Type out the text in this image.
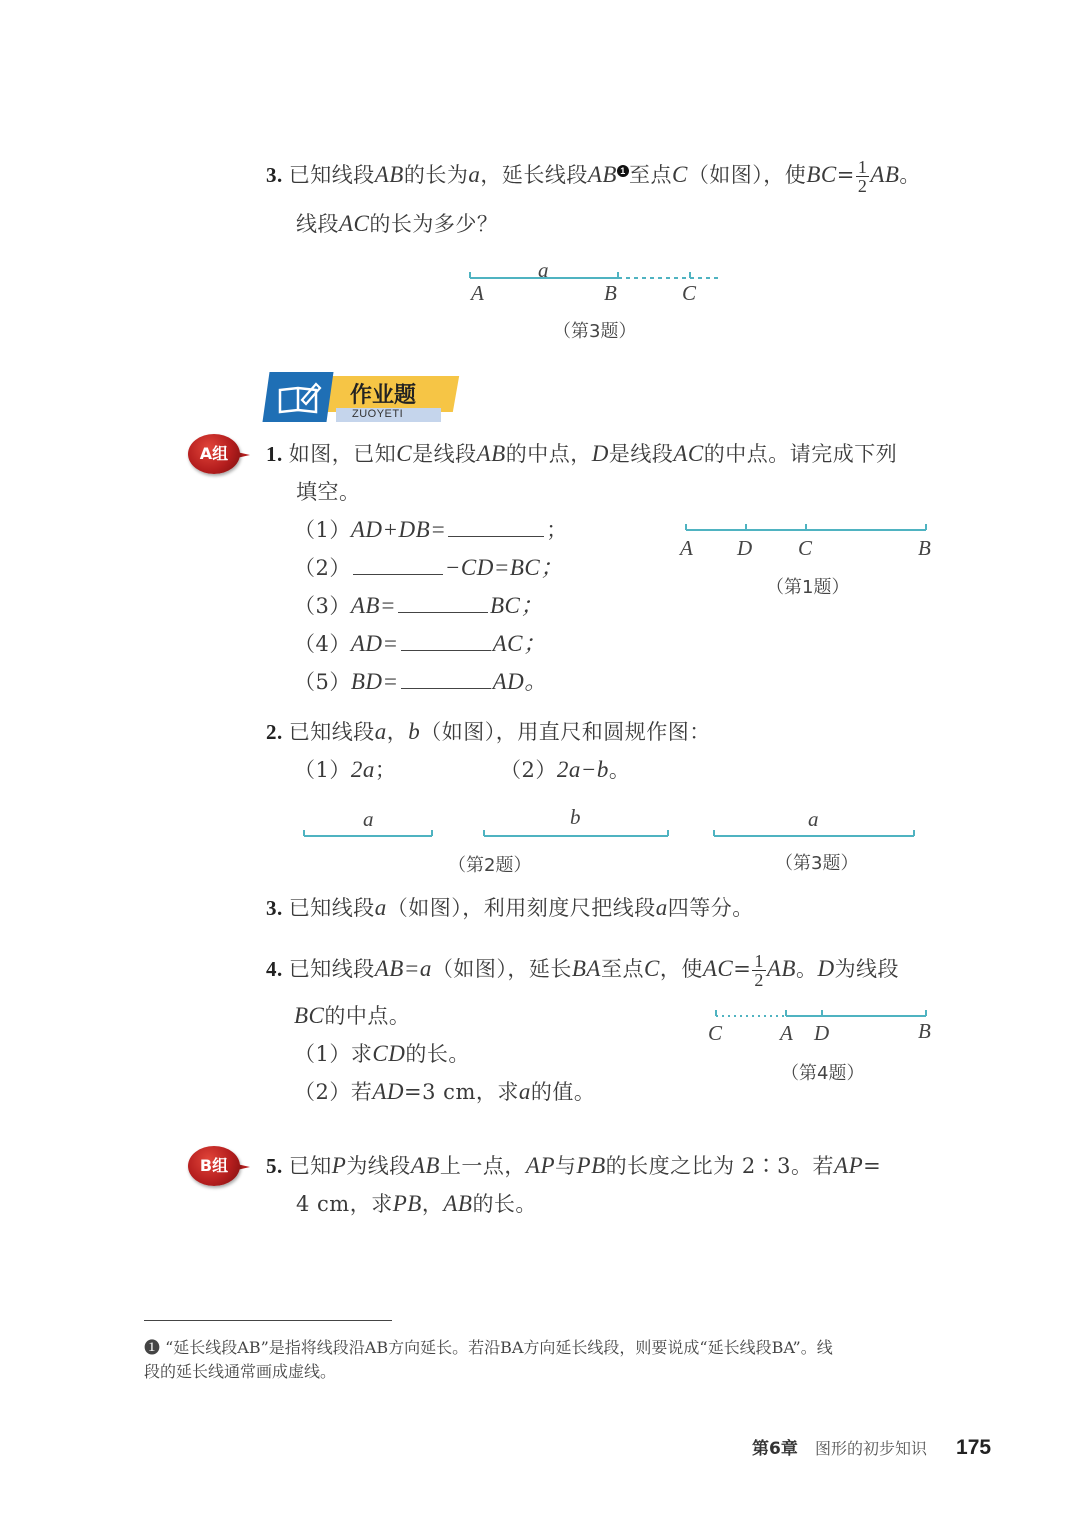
3. 已知线段AB的长为a，延长线段AB 1 至点C（如图），使$BC= \frac{1}{2}$ AB。
线段AC的长为多少？
a
A	B	C
（第3题）
作业题
ZUOYETI
A组	1. 如图，已知C是线段AB的中点，D是线段AC的中点。请完成下列
填空。
（1）AD+DB=	；
（2）	−CD=BC；
（3）AB=	BC；
（4）AD=	AC；
（5）BD=	AD。
A D C	B
（第1题）
2. 已知线段a，b（如图），用直尺和圆规作图：
（1）2a；	（2）2a−b。
a	b	a
（第2题）	（第3题）
3. 已知线段a（如图），利用刻度尺把线段a四等分。
4. 已知线段AB=a（如图），延长BA至点C，使$AC= \frac{1}{2}$ AB。D为线段
BC的中点。
（1）求CD的长。
（2）若AD=3 cm，求a的值。
C	A D	B
（第4题）
B组	5. 已知P为线段AB上一点，AP与PB的长度之比为 2∶3。若AP=
4 cm，求PB，AB的长。
❶ “延长线段AB”是指将线段沿AB方向延长。若沿BA方向延长线段，则要说成“延长线段BA”。线
段的延长线通常画成虚线。
第6章 图形的初步知识 175
